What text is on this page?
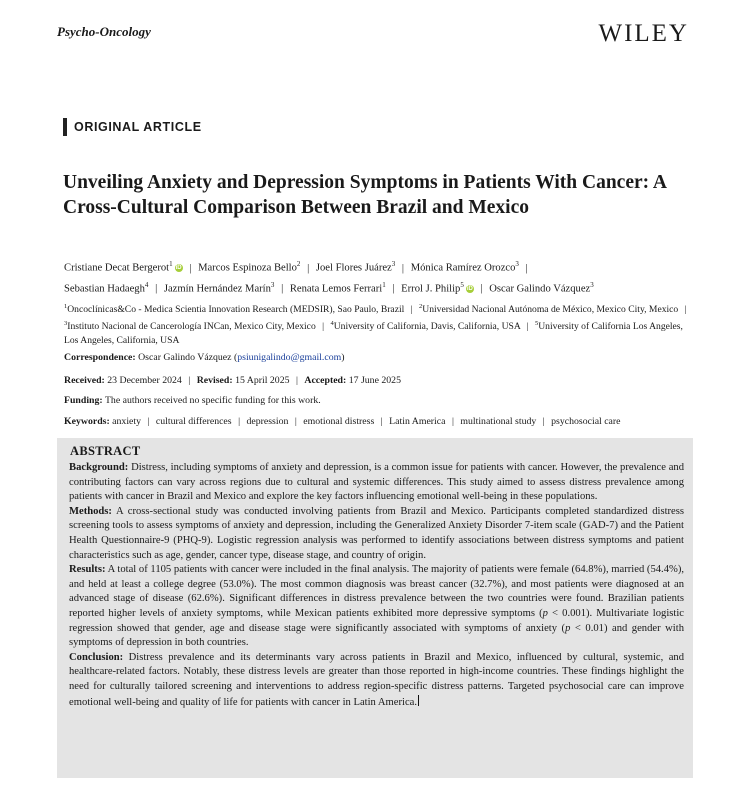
Psycho-Oncology	WILEY
ORIGINAL ARTICLE
Unveiling Anxiety and Depression Symptoms in Patients With Cancer: A Cross-Cultural Comparison Between Brazil and Mexico
Cristiane Decat Bergerot$^1$iD | Marcos Espinoza Bello$^2$ | Joel Flores Juárez$^3$ | Mónica Ramírez Orozco$^3$ |
Sebastian Hadaegh$^4$ | Jazmín Hernández Marín$^3$ | Renata Lemos Ferrari$^1$ | Errol J. Philip$^5$iD | Oscar Galindo Vázquez$^3$
$^1$Oncoclínicas&Co - Medica Scientia Innovation Research (MEDSIR), Sao Paulo, Brazil | $^2$Universidad Nacional Autónoma de México, Mexico City, Mexico | $^3$Instituto Nacional de Cancerología INCan, Mexico City, Mexico | $^4$University of California, Davis, California, USA | $^5$University of California Los Angeles, Los Angeles, California, USA
Correspondence: Oscar Galindo Vázquez (psiunigalindo@gmail.com)
Received: 23 December 2024 | Revised: 15 April 2025 | Accepted: 17 June 2025
Funding: The authors received no specific funding for this work.
Keywords: anxiety | cultural differences | depression | emotional distress | Latin America | multinational study | psychosocial care
ABSTRACT

Background: Distress, including symptoms of anxiety and depression, is a common issue for patients with cancer. However, the prevalence and contributing factors can vary across regions due to cultural and systemic differences. This study aimed to assess distress prevalence among patients with cancer in Brazil and Mexico and explore the key factors influencing emotional well-being in these populations.

Methods: A cross-sectional study was conducted involving patients from Brazil and Mexico. Participants completed standardized distress screening tools to assess symptoms of anxiety and depression, including the Generalized Anxiety Disorder 7-item scale (GAD-7) and the Patient Health Questionnaire-9 (PHQ-9). Logistic regression analysis was performed to identify associations between distress symptoms and patient characteristics such as age, gender, cancer type, disease stage, and country of origin.

Results: A total of 1105 patients with cancer were included in the final analysis. The majority of patients were female (64.8%), married (54.4%), and held at least a college degree (53.0%). The most common diagnosis was breast cancer (32.7%), and most patients were diagnosed at an advanced stage of disease (62.6%). Significant differences in distress prevalence between the two countries were found. Brazilian patients reported higher levels of anxiety symptoms, while Mexican patients exhibited more depressive symptoms (p < 0.001). Multivariate logistic regression showed that gender, age and disease stage were significantly associated with symptoms of anxiety (p < 0.01) and gender with symptoms of depression in both countries.

Conclusion: Distress prevalence and its determinants vary across patients in Brazil and Mexico, influenced by cultural, systemic, and healthcare-related factors. Notably, these distress levels are greater than those reported in high-income countries. These findings highlight the need for culturally tailored screening and interventions to address region-specific distress patterns. Targeted psychosocial care can improve emotional well-being and quality of life for patients with cancer in Latin America.
